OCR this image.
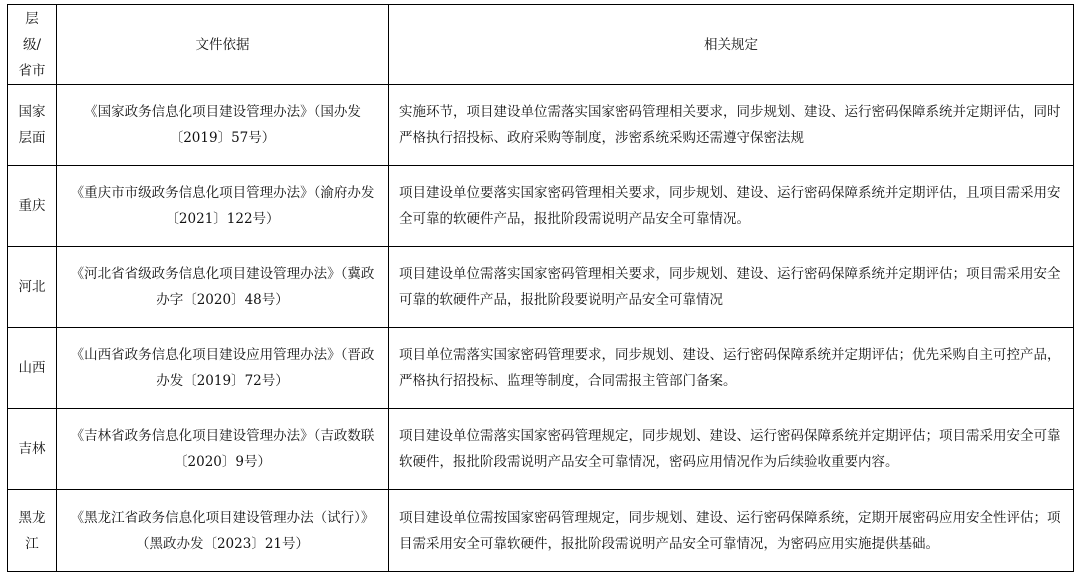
层级/省市	文件依据	相关规定
国家层面	《国家政务信息化项目建设管理办法》（国办发〔2019〕57号）	实施环节，项目建设单位需落实国家密码管理相关要求，同步规划、建设、运行密码保障系统并定期评估，同时严格执行招投标、政府采购等制度，涉密系统采购还需遵守保密法规
重庆	《重庆市市级政务信息化项目管理办法》（渝府办发〔2021〕122号）	项目建设单位要落实国家密码管理相关要求，同步规划、建设、运行密码保障系统并定期评估，且项目需采用安全可靠的软硬件产品，报批阶段需说明产品安全可靠情况。
河北	《河北省省级政务信息化项目建设管理办法》（冀政办字〔2020〕48号）	项目建设单位需落实国家密码管理相关要求，同步规划、建设、运行密码保障系统并定期评估；项目需采用安全可靠的软硬件产品，报批阶段要说明产品安全可靠情况
山西	《山西省政务信息化项目建设应用管理办法》（晋政办发〔2019〕72号）	项目单位需落实国家密码管理要求，同步规划、建设、运行密码保障系统并定期评估；优先采购自主可控产品，严格执行招投标、监理等制度，合同需报主管部门备案。
吉林	《吉林省政务信息化项目建设管理办法》（吉政数联〔2020〕9号）	项目建设单位需落实国家密码管理规定，同步规划、建设、运行密码保障系统并定期评估；项目需采用安全可靠软硬件，报批阶段需说明产品安全可靠情况，密码应用情况作为后续验收重要内容。
黑龙江	《黑龙江省政务信息化项目建设管理办法（试行）》（黑政办发〔2023〕21号）	项目建设单位需按国家密码管理规定，同步规划、建设、运行密码保障系统，定期开展密码应用安全性评估；项目需采用安全可靠软硬件，报批阶段需说明产品安全可靠情况，为密码应用实施提供基础。
